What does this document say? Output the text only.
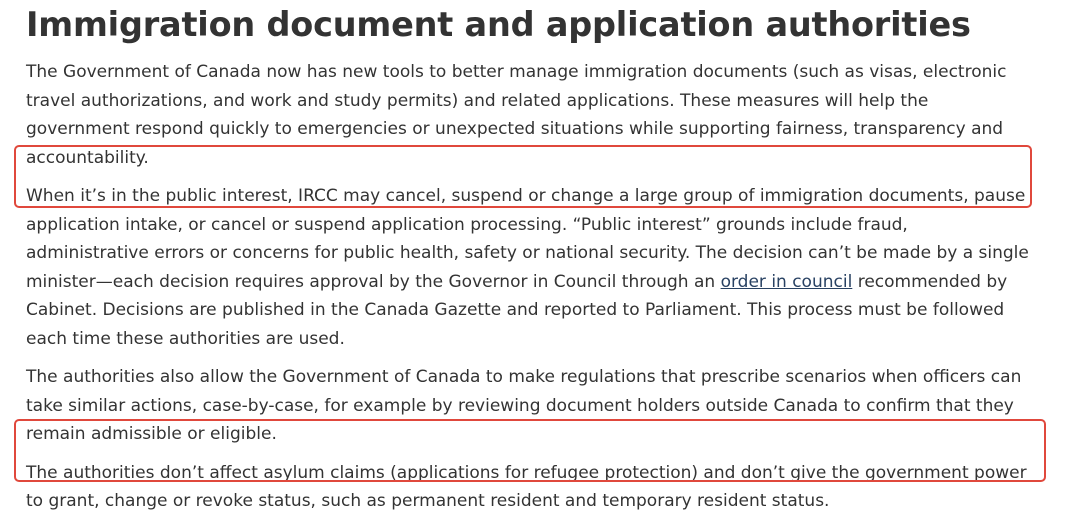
Immigration document and application authorities

The Government of Canada now has new tools to better manage immigration documents (such as visas, electronic travel authorizations, and work and study permits) and related applications. These measures will help the government respond quickly to emergencies or unexpected situations while supporting fairness, transparency and accountability.

When it’s in the public interest, IRCC may cancel, suspend or change a large group of immigration documents, pause application intake, or cancel or suspend application processing. “Public interest” grounds include fraud, administrative errors or concerns for public health, safety or national security. The decision can’t be made by a single minister—each decision requires approval by the Governor in Council through an order in council recommended by Cabinet. Decisions are published in the Canada Gazette and reported to Parliament. This process must be followed each time these authorities are used.

The authorities also allow the Government of Canada to make regulations that prescribe scenarios when officers can take similar actions, case-by-case, for example by reviewing document holders outside Canada to confirm that they remain admissible or eligible.

The authorities don’t affect asylum claims (applications for refugee protection) and don’t give the government power to grant, change or revoke status, such as permanent resident and temporary resident status.
